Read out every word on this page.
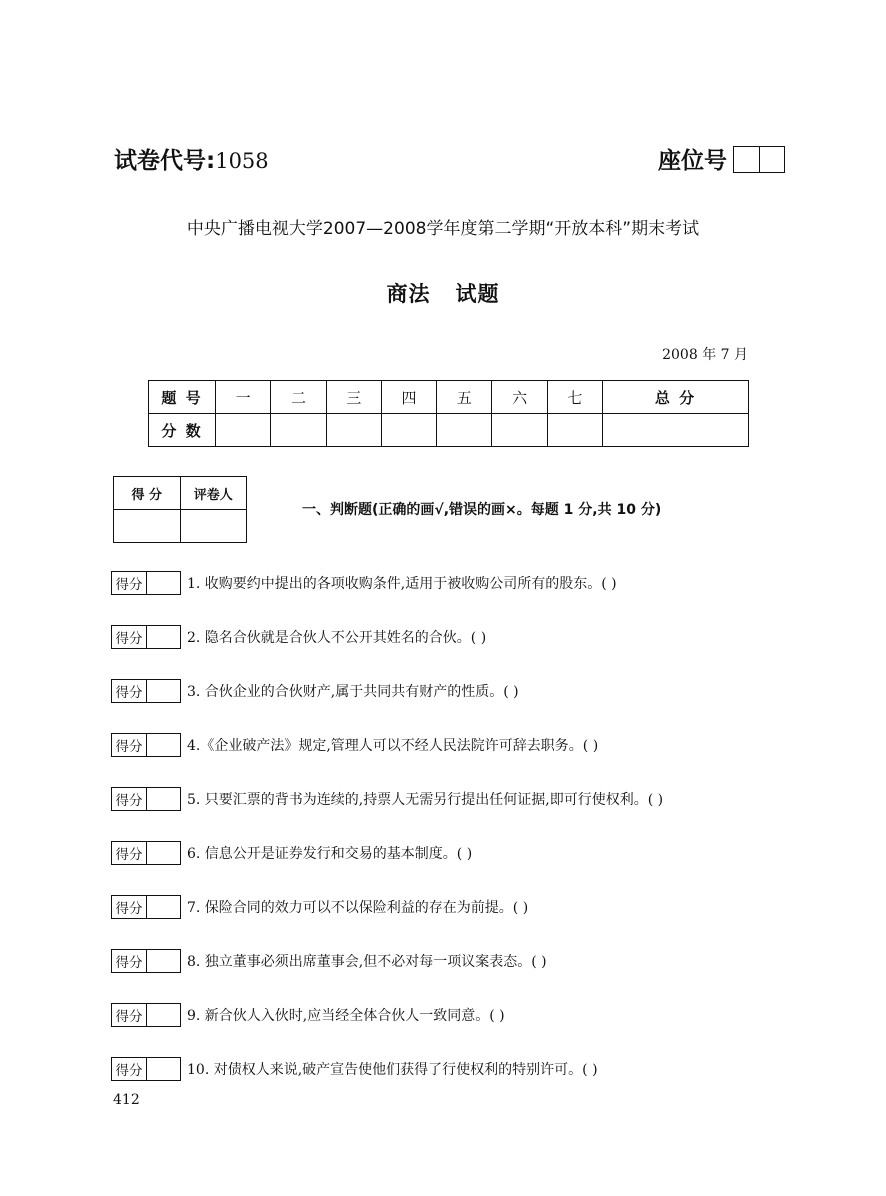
试卷代号:1058	座位号
中央广播电视大学2007—2008学年度第二学期“开放本科”期末考试
商法   试题
2008 年 7 月
题 号	一	二	三	四	五	六	七	总 分
分 数								
得 分	评卷人

一、判断题(正确的画√,错误的画×。每题 1 分,共 10 分)
得分	1. 收购要约中提出的各项收购条件,适用于被收购公司所有的股东。( )
得分	2. 隐名合伙就是合伙人不公开其姓名的合伙。( )
得分	3. 合伙企业的合伙财产,属于共同共有财产的性质。( )
得分	4.《企业破产法》规定,管理人可以不经人民法院许可辞去职务。( )
得分	5. 只要汇票的背书为连续的,持票人无需另行提出任何证据,即可行使权利。( )
得分	6. 信息公开是证券发行和交易的基本制度。( )
得分	7. 保险合同的效力可以不以保险利益的存在为前提。( )
得分	8. 独立董事必须出席董事会,但不必对每一项议案表态。( )
得分	9. 新合伙人入伙时,应当经全体合伙人一致同意。( )
得分	10. 对债权人来说,破产宣告使他们获得了行使权利的特别许可。( )
412
